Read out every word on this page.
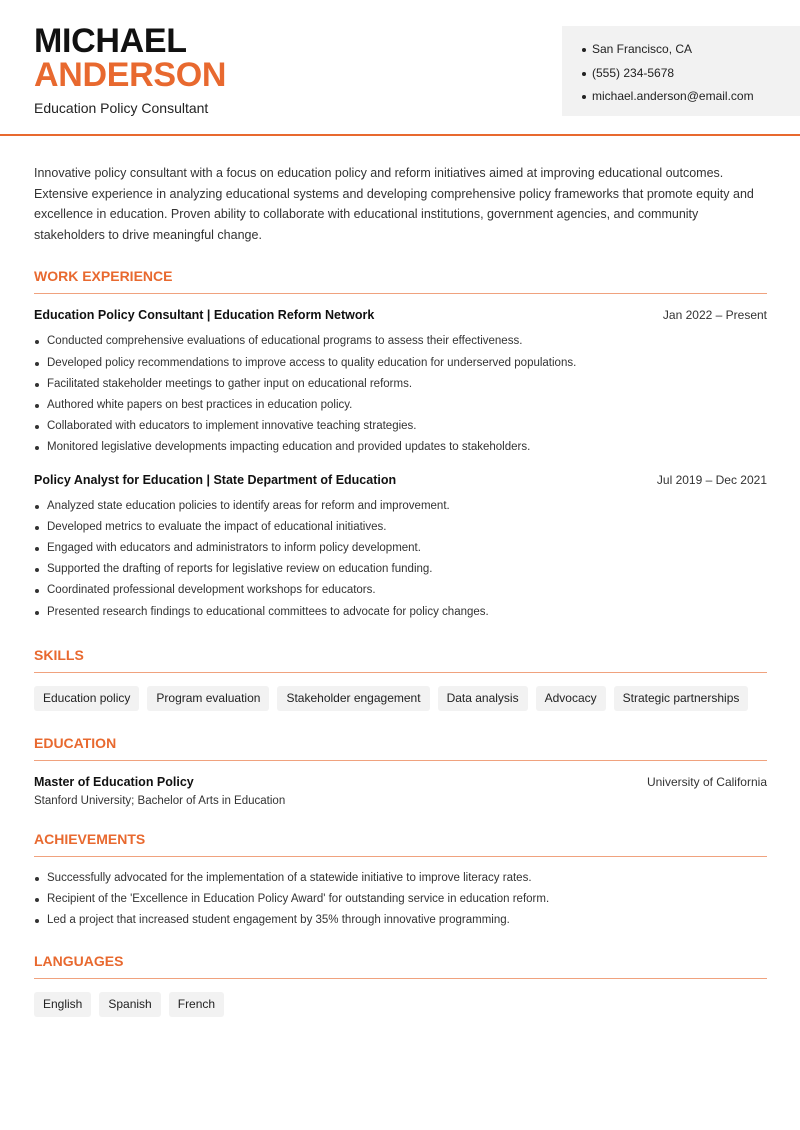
MICHAEL
ANDERSON
Education Policy Consultant
San Francisco, CA
(555) 234-5678
michael.anderson@email.com

Innovative policy consultant with a focus on education policy and reform initiatives aimed at improving educational outcomes. Extensive experience in analyzing educational systems and developing comprehensive policy frameworks that promote equity and excellence in education. Proven ability to collaborate with educational institutions, government agencies, and community stakeholders to drive meaningful change.

WORK EXPERIENCE
Education Policy Consultant | Education Reform Network	Jan 2022 – Present
Conducted comprehensive evaluations of educational programs to assess their effectiveness.
Developed policy recommendations to improve access to quality education for underserved populations.
Facilitated stakeholder meetings to gather input on educational reforms.
Authored white papers on best practices in education policy.
Collaborated with educators to implement innovative teaching strategies.
Monitored legislative developments impacting education and provided updates to stakeholders.
Policy Analyst for Education | State Department of Education	Jul 2019 – Dec 2021
Analyzed state education policies to identify areas for reform and improvement.
Developed metrics to evaluate the impact of educational initiatives.
Engaged with educators and administrators to inform policy development.
Supported the drafting of reports for legislative review on education funding.
Coordinated professional development workshops for educators.
Presented research findings to educational committees to advocate for policy changes.
SKILLS
Education policy	Program evaluation	Stakeholder engagement	Data analysis	Advocacy	Strategic partnerships
EDUCATION
Master of Education Policy	University of California
Stanford University; Bachelor of Arts in Education
ACHIEVEMENTS
Successfully advocated for the implementation of a statewide initiative to improve literacy rates.
Recipient of the 'Excellence in Education Policy Award' for outstanding service in education reform.
Led a project that increased student engagement by 35% through innovative programming.
LANGUAGES
English	Spanish	French
